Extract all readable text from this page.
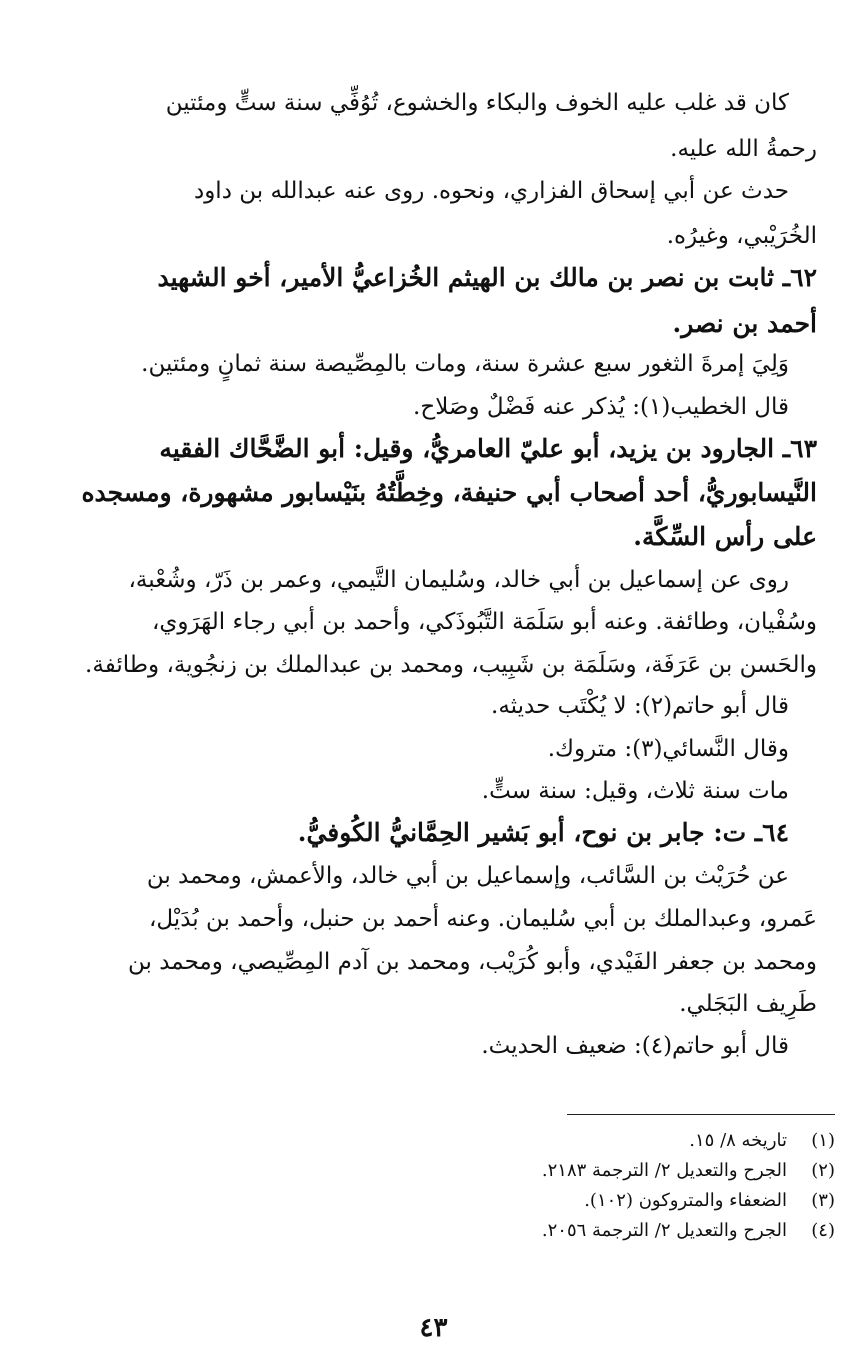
كان قد غلب عليه الخوف والبكاء والخشوع، تُوُفِّي سنة ستٍّ ومئتين
رحمةُ الله عليه.
حدث عن أبي إسحاق الفزاري، ونحوه. روى عنه عبدالله بن داود
الخُرَيْبي، وغيرُه.
٦٢ـ ثابت بن نصر بن مالك بن الهيثم الخُزاعيُّ الأمير، أخو الشهيد
أحمد بن نصر.
وَلِيَ إمرةَ الثغور سبع عشرة سنة، ومات بالمِصِّيصة سنة ثمانٍ ومئتين.
قال الخطيب(١): يُذكر عنه فَضْلٌ وصَلاح.
٦٣ـ الجارود بن يزيد، أبو عليّ العامريُّ، وقيل: أبو الضَّحَّاك الفقيه
النَّيسابوريُّ، أحد أصحاب أبي حنيفة، وخِطَّتُهُ بنَيْسابور مشهورة، ومسجده
على رأس السِّكَّة.
روى عن إسماعيل بن أبي خالد، وسُليمان التَّيمي، وعمر بن ذَرّ، وشُعْبة،
وسُفْيان، وطائفة. وعنه أبو سَلَمَة التَّبُوذَكي، وأحمد بن أبي رجاء الهَرَوي،
والحَسن بن عَرَفَة، وسَلَمَة بن شَبِيب، ومحمد بن عبدالملك بن زنجُوية، وطائفة.
قال أبو حاتم(٢): لا يُكْتَب حديثه.
وقال النَّسائي(٣): متروك.
مات سنة ثلاث، وقيل: سنة ستٍّ.
٦٤ـ ت: جابر بن نوح، أبو بَشير الحِمَّانيُّ الكُوفيُّ.
عن حُرَيْث بن السَّائب، وإسماعيل بن أبي خالد، والأعمش، ومحمد بن
عَمرو، وعبدالملك بن أبي سُليمان. وعنه أحمد بن حنبل، وأحمد بن بُدَيْل،
ومحمد بن جعفر الفَيْدي، وأبو كُرَيْب، ومحمد بن آدم المِصِّيصي، ومحمد بن
طَرِيف البَجَلي.
قال أبو حاتم(٤): ضعيف الحديث.
(١)تاريخه ٨/ ١٥.
(٢)الجرح والتعديل ٢/ الترجمة ٢١٨٣.
(٣)الضعفاء والمتروكون (١٠٢).
(٤)الجرح والتعديل ٢/ الترجمة ٢٠٥٦.
٤٣
